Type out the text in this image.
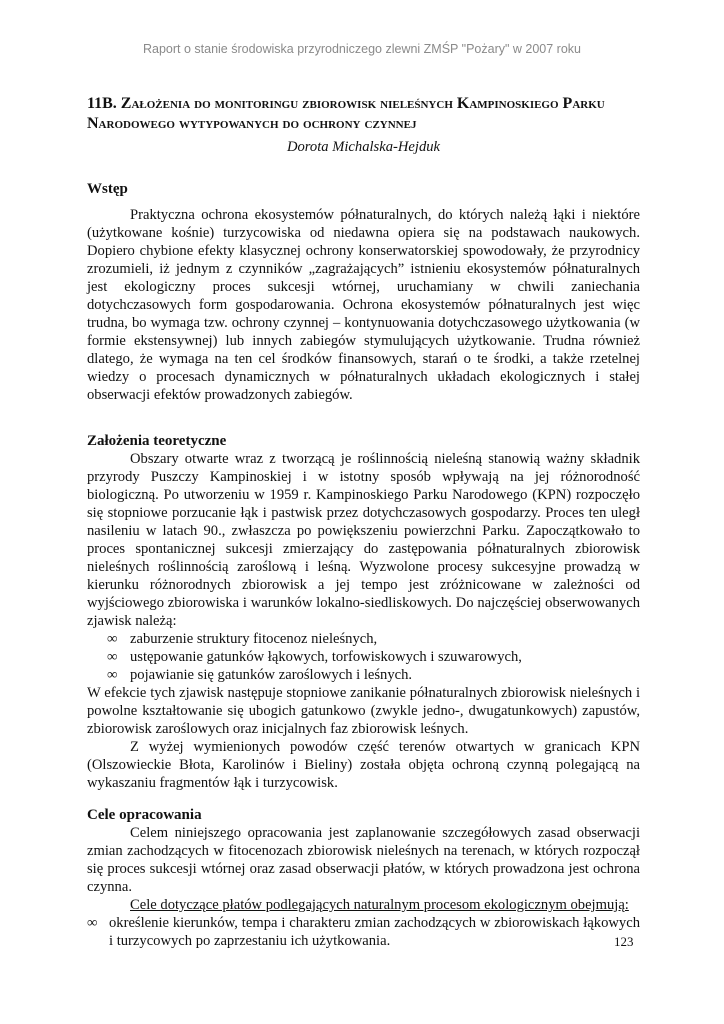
Raport o stanie środowiska przyrodniczego zlewni ZMŚP "Pożary" w 2007 roku
11B. Założenia do monitoringu zbiorowisk nieleśnych Kampinoskiego Parku
Narodowego wytypowanych do ochrony czynnej

Dorota Michalska-Hejduk

Wstęp

Praktyczna ochrona ekosystemów półnaturalnych, do których należą łąki i niektóre (użytkowane kośnie) turzycowiska od niedawna opiera się na podstawach naukowych. Dopiero chybione efekty klasycznej ochrony konserwatorskiej spowodowały, że przyrodnicy zrozumieli, iż jednym z czynników „zagrażających” istnieniu ekosystemów półnaturalnych jest ekologiczny proces sukcesji wtórnej, uruchamiany w chwili zaniechania dotychczasowych form gospodarowania. Ochrona ekosystemów półnaturalnych jest więc trudna, bo wymaga tzw. ochrony czynnej – kontynuowania dotychczasowego użytkowania (w formie ekstensywnej) lub innych zabiegów stymulujących użytkowanie. Trudna również dlatego, że wymaga na ten cel środków finansowych, starań o te środki, a także rzetelnej wiedzy o procesach dynamicznych w półnaturalnych układach ekologicznych i stałej obserwacji efektów prowadzonych zabiegów.

Założenia teoretyczne

Obszary otwarte wraz z tworzącą je roślinnością nieleśną stanowią ważny składnik przyrody Puszczy Kampinoskiej i w istotny sposób wpływają na jej różnorodność biologiczną. Po utworzeniu w 1959 r. Kampinoskiego Parku Narodowego (KPN) rozpoczęło się stopniowe porzucanie łąk i pastwisk przez dotychczasowych gospodarzy. Proces ten uległ nasileniu w latach 90., zwłaszcza po powiększeniu powierzchni Parku. Zapoczątkowało to proces spontanicznej sukcesji zmierzający do zastępowania półnaturalnych zbiorowisk nieleśnych roślinnością zaroślową i leśną. Wyzwolone procesy sukcesyjne prowadzą w kierunku różnorodnych zbiorowisk a jej tempo jest zróżnicowane w zależności od wyjściowego zbiorowiska i warunków lokalno-siedliskowych. Do najczęściej obserwowanych zjawisk należą:

∞ zaburzenie struktury fitocenoz nieleśnych,
∞ ustępowanie gatunków łąkowych, torfowiskowych i szuwarowych,
∞ pojawianie się gatunków zaroślowych i leśnych.

W efekcie tych zjawisk następuje stopniowe zanikanie półnaturalnych zbiorowisk nieleśnych i powolne kształtowanie się ubogich gatunkowo (zwykle jedno-, dwugatunkowych) zapustów, zbiorowisk zaroślowych oraz inicjalnych faz zbiorowisk leśnych.

Z wyżej wymienionych powodów część terenów otwartych w granicach KPN (Olszowieckie Błota, Karolinów i Bieliny) została objęta ochroną czynną polegającą na wykaszaniu fragmentów łąk i turzycowisk.

Cele opracowania

Celem niniejszego opracowania jest zaplanowanie szczegółowych zasad obserwacji zmian zachodzących w fitocenozach zbiorowisk nieleśnych na terenach, w których rozpoczął się proces sukcesji wtórnej oraz zasad obserwacji płatów, w których prowadzona jest ochrona czynna.

Cele dotyczące płatów podlegających naturalnym procesom ekologicznym obejmują:

∞ określenie kierunków, tempa i charakteru zmian zachodzących w zbiorowiskach łąkowych i turzycowych po zaprzestaniu ich użytkowania.	123
